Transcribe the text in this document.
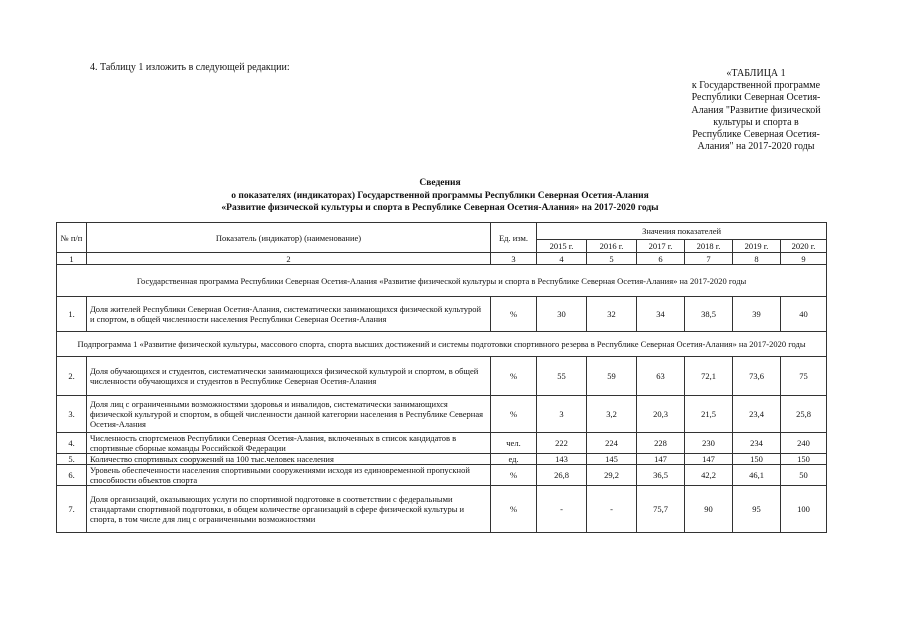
4. Таблицу 1 изложить в следующей редакции:
«ТАБЛИЦА 1
к Государственной программе
Республики Северная Осетия-
Алания "Развитие физической
культуры и спорта в
Республике Северная Осетия-
Алания" на 2017-2020 годы
Сведения
о показателях (индикаторах) Государственной программы Республики Северная Осетия-Алания
«Развитие физической культуры и спорта в Республике Северная Осетия-Алания» на 2017-2020 годы
№ п/п	Показатель (индикатор) (наименование)	Ед. изм.	Значения показателей					
			2015 г.	2016 г.	2017 г.	2018 г.	2019 г.	2020 г.
1	2	3	4	5	6	7	8	9
Государственная программа Республики Северная Осетия-Алания «Развитие физической культуры и спорта в Республике Северная Осетия-Алания» на 2017-2020 годы								
1.	Доля жителей Республики Северная Осетия-Алания, систематически занимающихся физической культурой и спортом, в общей численности населения Республики Северная Осетия-Алания	%	30	32	34	38,5	39	40
Подпрограмма 1 «Развитие физической культуры, массового спорта, спорта высших достижений и системы подготовки спортивного резерва в Республике Северная Осетия-Алания» на 2017-2020 годы								
2.	Доля обучающихся и студентов, систематически занимающихся физической культурой и спортом, в общей численности обучающихся и студентов в Республике Северная Осетия-Алания	%	55	59	63	72,1	73,6	75
3.	Доля лиц с ограниченными возможностями здоровья и инвалидов, систематически занимающихся физической культурой и спортом, в общей численности данной категории населения в Республике Северная Осетия-Алания	%	3	3,2	20,3	21,5	23,4	25,8
4.	Численность спортсменов Республики Северная Осетия-Алания, включенных в список кандидатов в спортивные сборные команды Российской Федерации	чел.	222	224	228	230	234	240
5.	Количество спортивных сооружений на 100 тыс.человек населения	ед.	143	145	147	147	150	150
6.	Уровень обеспеченности населения спортивными сооружениями исходя из единовременной пропускной способности объектов спорта	%	26,8	29,2	36,5	42,2	46,1	50
7.	Доля организаций, оказывающих услуги по спортивной подготовке в соответствии с федеральными стандартами спортивной подготовки, в общем количестве организаций в сфере физической культуры и спорта, в том числе для лиц с ограниченными возможностями	%	-	-	75,7	90	95	100
